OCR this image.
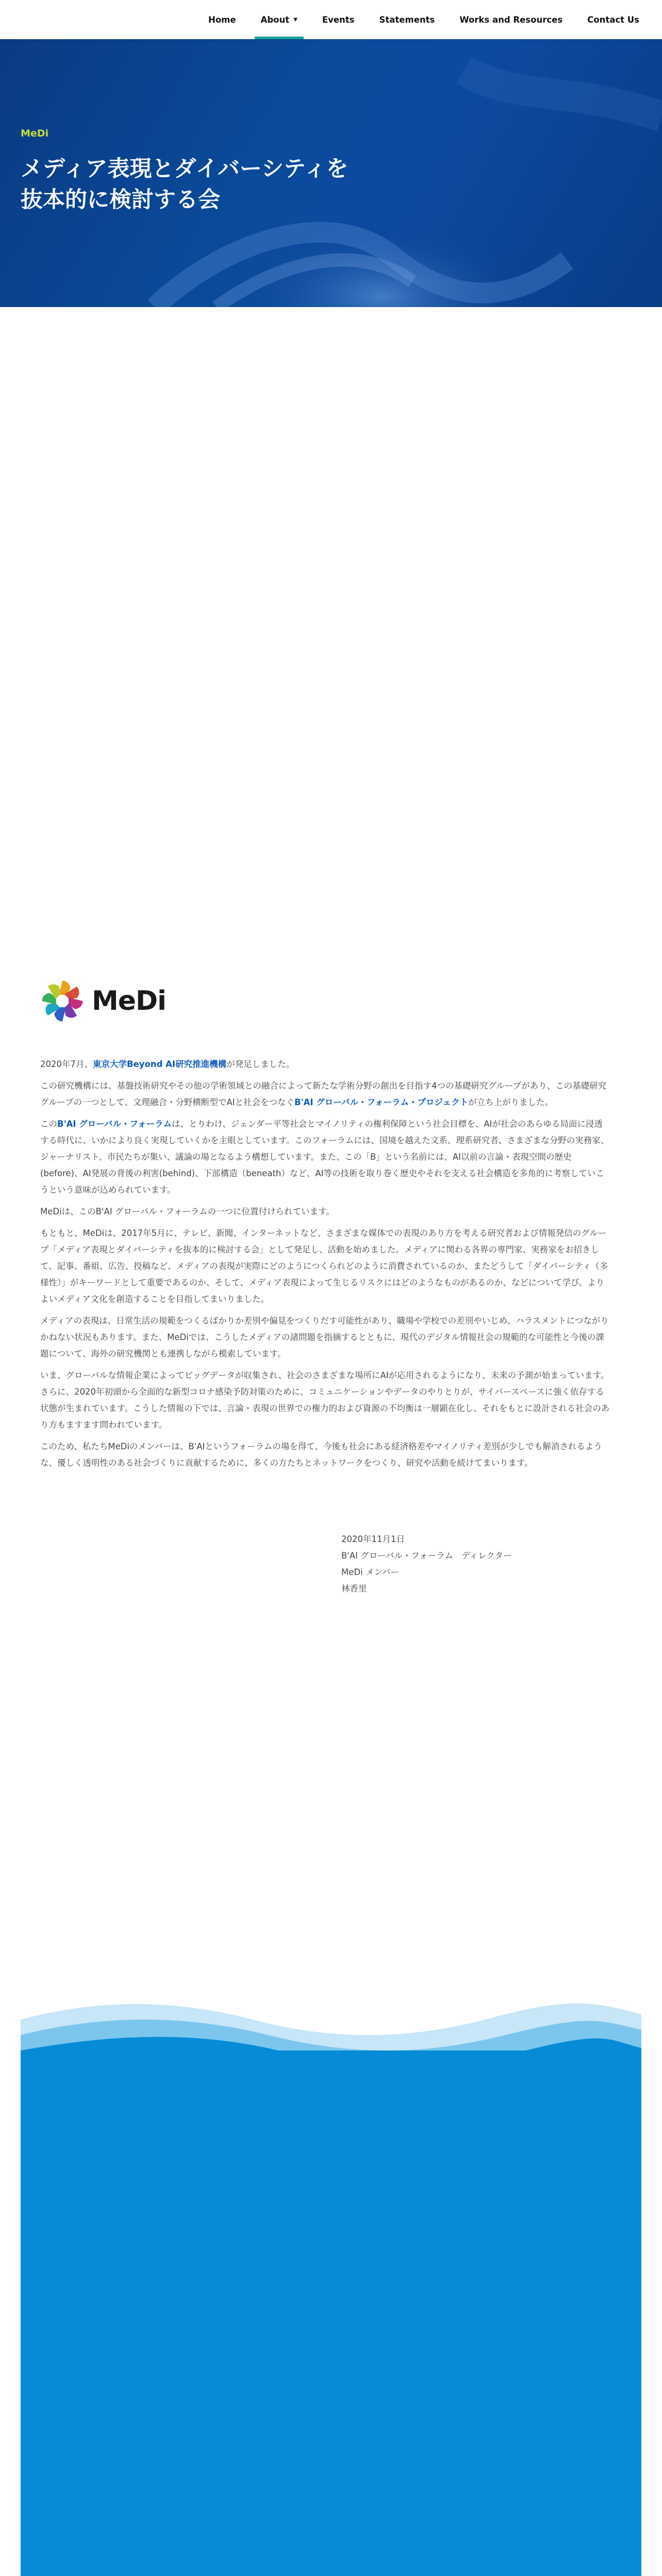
Home	About ▼	Events	Statements	Works and Resources	Contact Us
MeDi
メディア表現とダイバーシティを
抜本的に検討する会
MeDi

2020年7月、東京大学Beyond AI研究推進機構が発足しました。

この研究機構には、基盤技術研究やその他の学術領域との融合によって新たな学術分野の創出を目指す4つの基礎研究グループがあり、この基礎研究グループの一つとして、文理融合・分野横断型でAIと社会をつなぐB'AI グローバル・フォーラム・プロジェクトが立ち上がりました。

このB'AI グローバル・フォーラムは、とりわけ、ジェンダー平等社会とマイノリティの権利保障という社会目標を、AIが社会のあらゆる局面に浸透する時代に、いかにより良く実現していくかを主眼としています。このフォーラムには、国境を越えた文系、理系研究者、さまざまな分野の実務家、ジャーナリスト、市民たちが集い、議論の場となるよう構想しています。また、この「B」という名前には、AI以前の言論・表現空間の歴史(before)、AI発展の背後の利害(behind)、下部構造（beneath）など、AI等の技術を取り巻く歴史やそれを支える社会構造を多角的に考察していこうという意味が込められています。

MeDiは、このB'AI グローバル・フォーラムの一つに位置付けられています。

もともと、MeDiは、2017年5月に、テレビ、新聞、インターネットなど、さまざまな媒体での表現のあり方を考える研究者および情報発信のグループ「メディア表現とダイバーシティを抜本的に検討する会」として発足し、活動を始めました。メディアに関わる各界の専門家、実務家をお招きして、記事、番組、広告、投稿など、メディアの表現が実際にどのようにつくられどのように消費されているのか、またどうして「ダイバーシティ（多様性）」がキーワードとして重要であるのか、そして、メディア表現によって生じるリスクにはどのようなものがあるのか、などについて学び、よりよいメディア文化を創造することを目指してまいりました。

メディアの表現は、日常生活の規範をつくるばかりか差別や偏見をつくりだす可能性があり、職場や学校での差別やいじめ、ハラスメントにつながりかねない状況もあります。また、MeDiでは、こうしたメディアの諸問題を指摘するとともに、現代のデジタル情報社会の規範的な可能性と今後の課題について、海外の研究機関とも連携しながら模索しています。

いま、グローバルな情報企業によってビッグデータが収集され、社会のさまざまな場所にAIが応用されるようになり、未来の予測が始まっています。さらに、2020年初頭から全面的な新型コロナ感染予防対策のために、コミュニケーションやデータのやりとりが、サイバースペースに強く依存する状態が生まれています。こうした情報の下では、言論・表現の世界での権力的および資源の不均衡は一層顕在化し、それをもとに設計される社会のあり方もますます問われています。

このため、私たちMeDiのメンバーは、B'AIというフォーラムの場を得て、今後も社会にある経済格差やマイノリティ差別が少しでも解消されるような、優しく透明性のある社会づくりに貢献するために、多くの方たちとネットワークをつくり、研究や活動を続けてまいります。

2020年11月1日
B'AI グローバル・フォーラム　ディレクター
MeDi メンバー
林香里
